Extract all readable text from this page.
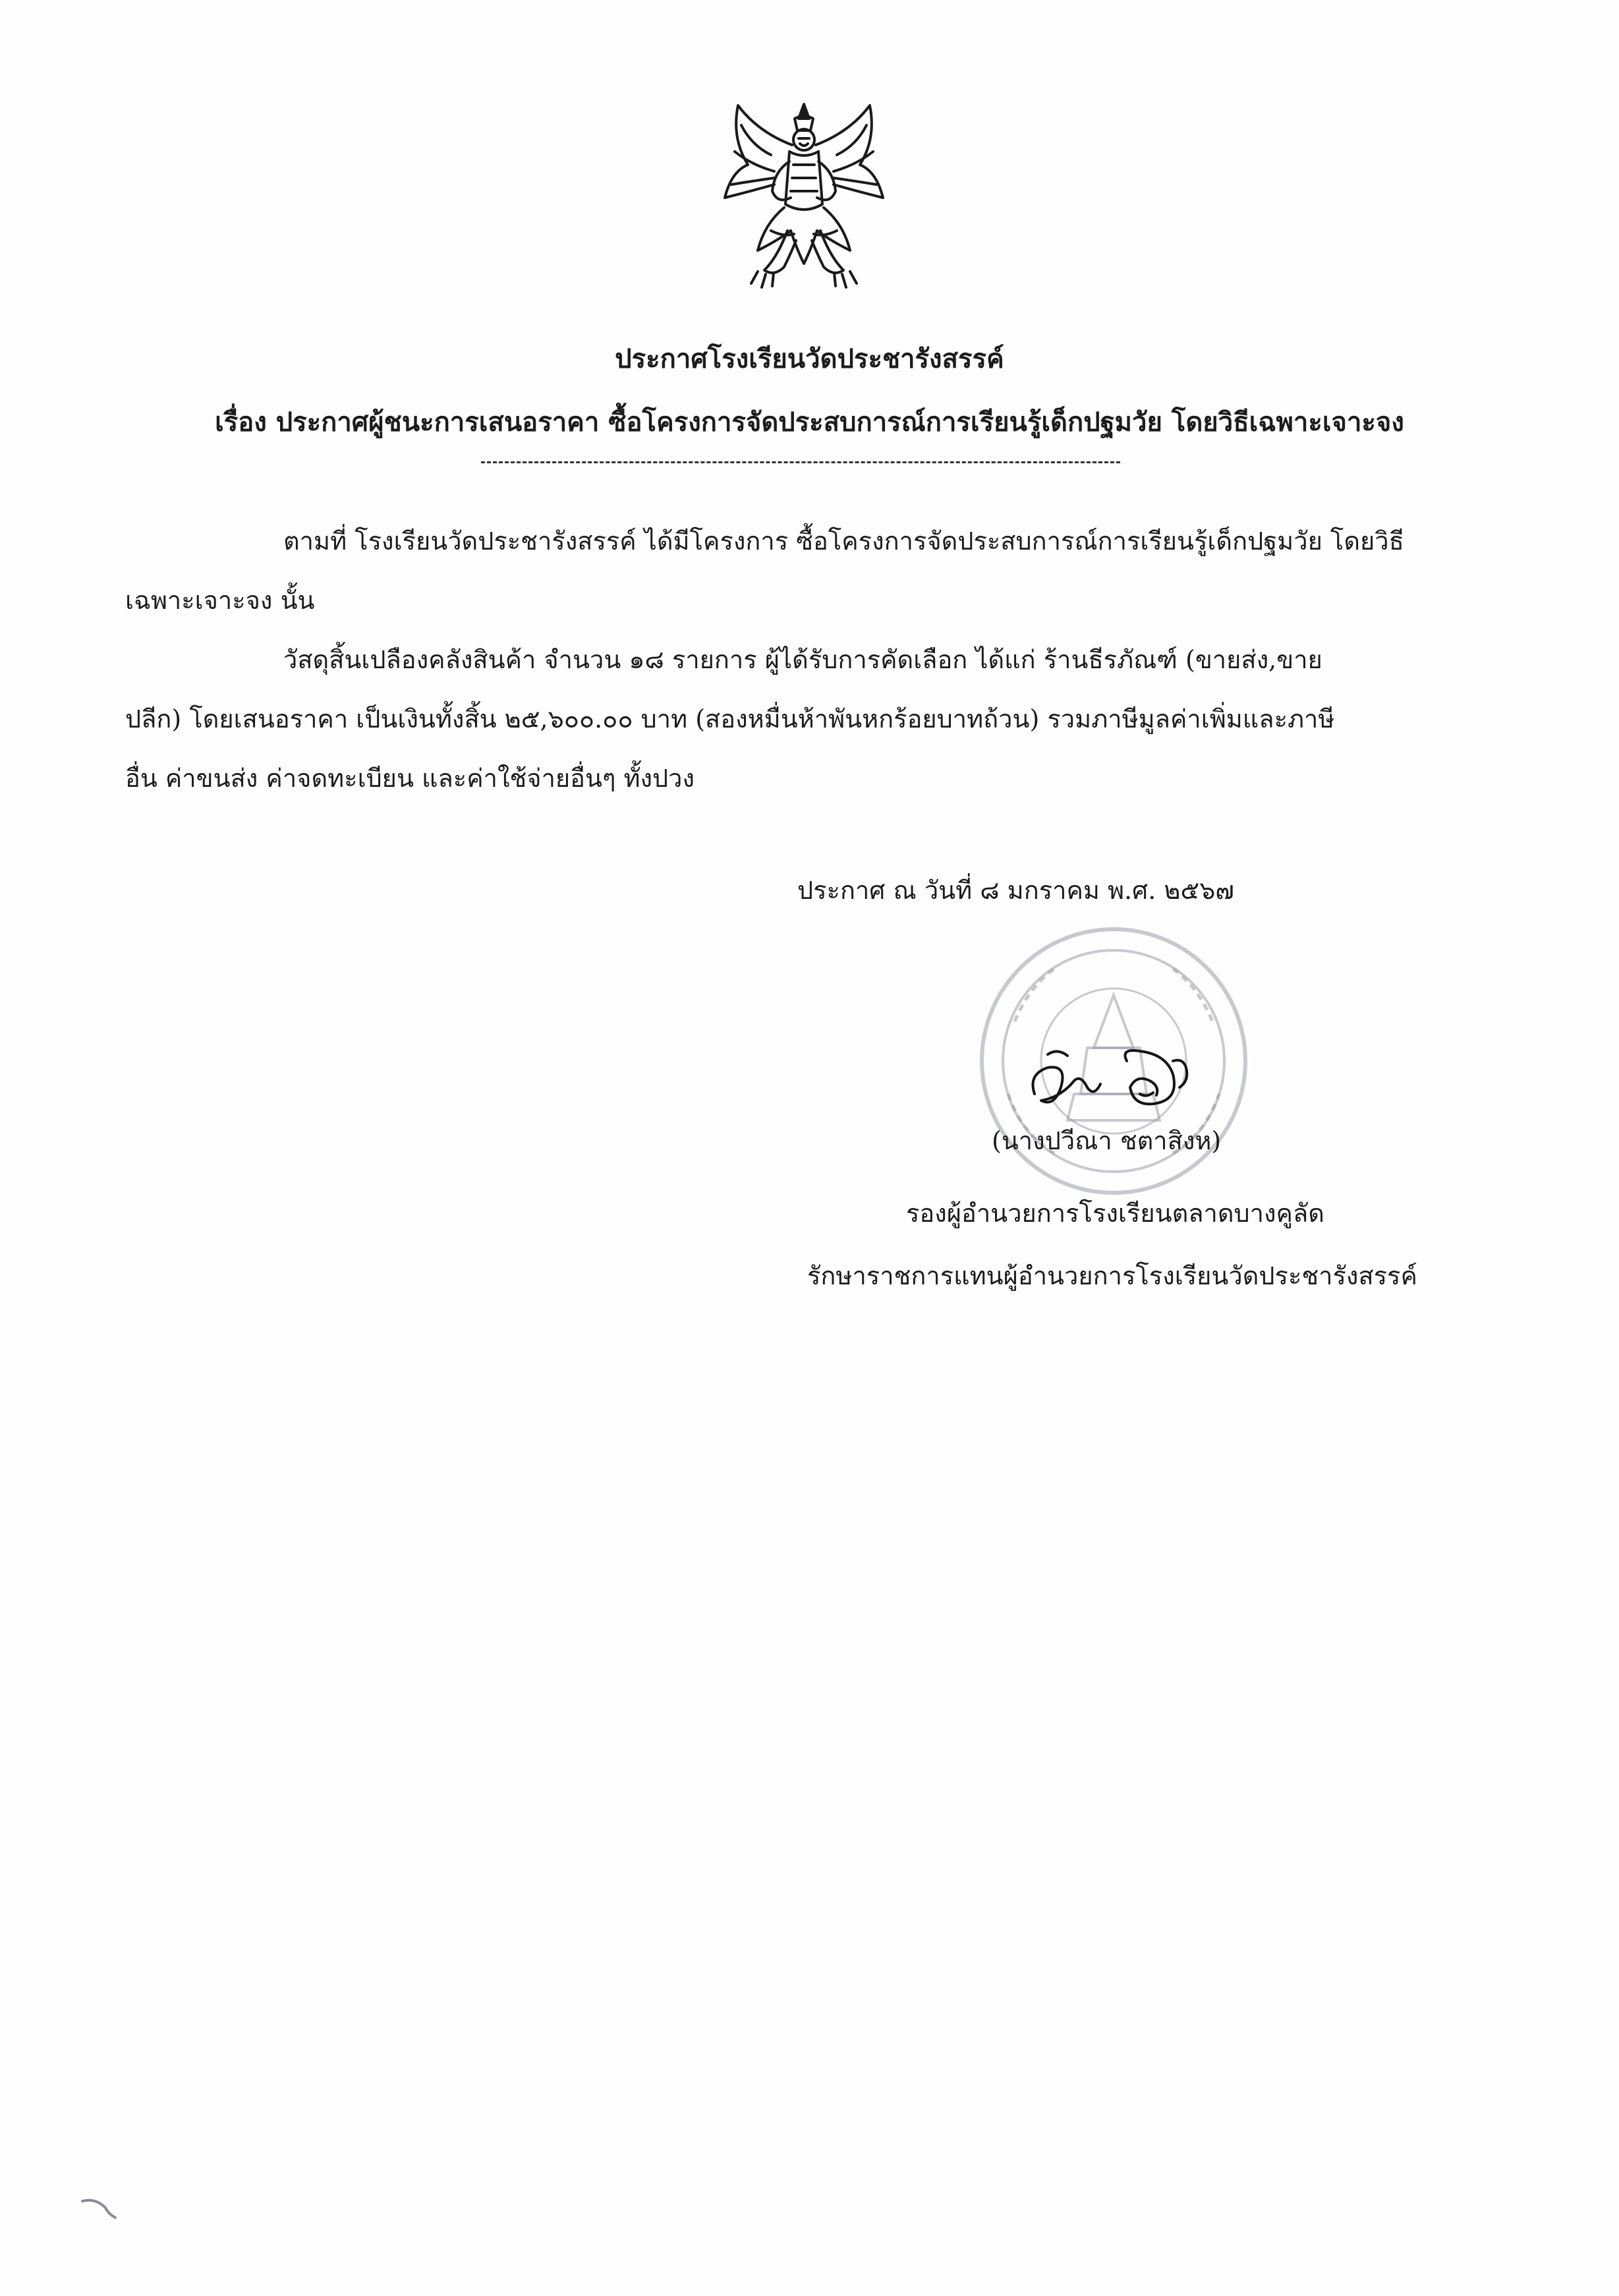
ประกาศโรงเรียนวัดประชารังสรรค์
เรื่อง ประกาศผู้ชนะการเสนอราคา ซื้อโครงการจัดประสบการณ์การเรียนรู้เด็กปฐมวัย โดยวิธีเฉพาะเจาะจง
ตามที่ โรงเรียนวัดประชารังสรรค์ ได้มีโครงการ ซื้อโครงการจัดประสบการณ์การเรียนรู้เด็กปฐมวัย โดยวิธี
เฉพาะเจาะจง นั้น
วัสดุสิ้นเปลืองคลังสินค้า จำนวน ๑๘ รายการ ผู้ได้รับการคัดเลือก ได้แก่ ร้านธีรภัณฑ์ (ขายส่ง,ขาย
ปลีก) โดยเสนอราคา เป็นเงินทั้งสิ้น ๒๕,๖๐๐.๐๐ บาท (สองหมื่นห้าพันหกร้อยบาทถ้วน) รวมภาษีมูลค่าเพิ่มและภาษี
อื่น ค่าขนส่ง ค่าจดทะเบียน และค่าใช้จ่ายอื่นๆ ทั้งปวง
ประกาศ ณ วันที่ ๘ มกราคม พ.ศ. ๒๕๖๗
(นางปวีณา ชตาสิงห)
รองผู้อำนวยการโรงเรียนตลาดบางคูลัด
รักษาราชการแทนผู้อำนวยการโรงเรียนวัดประชารังสรรค์
